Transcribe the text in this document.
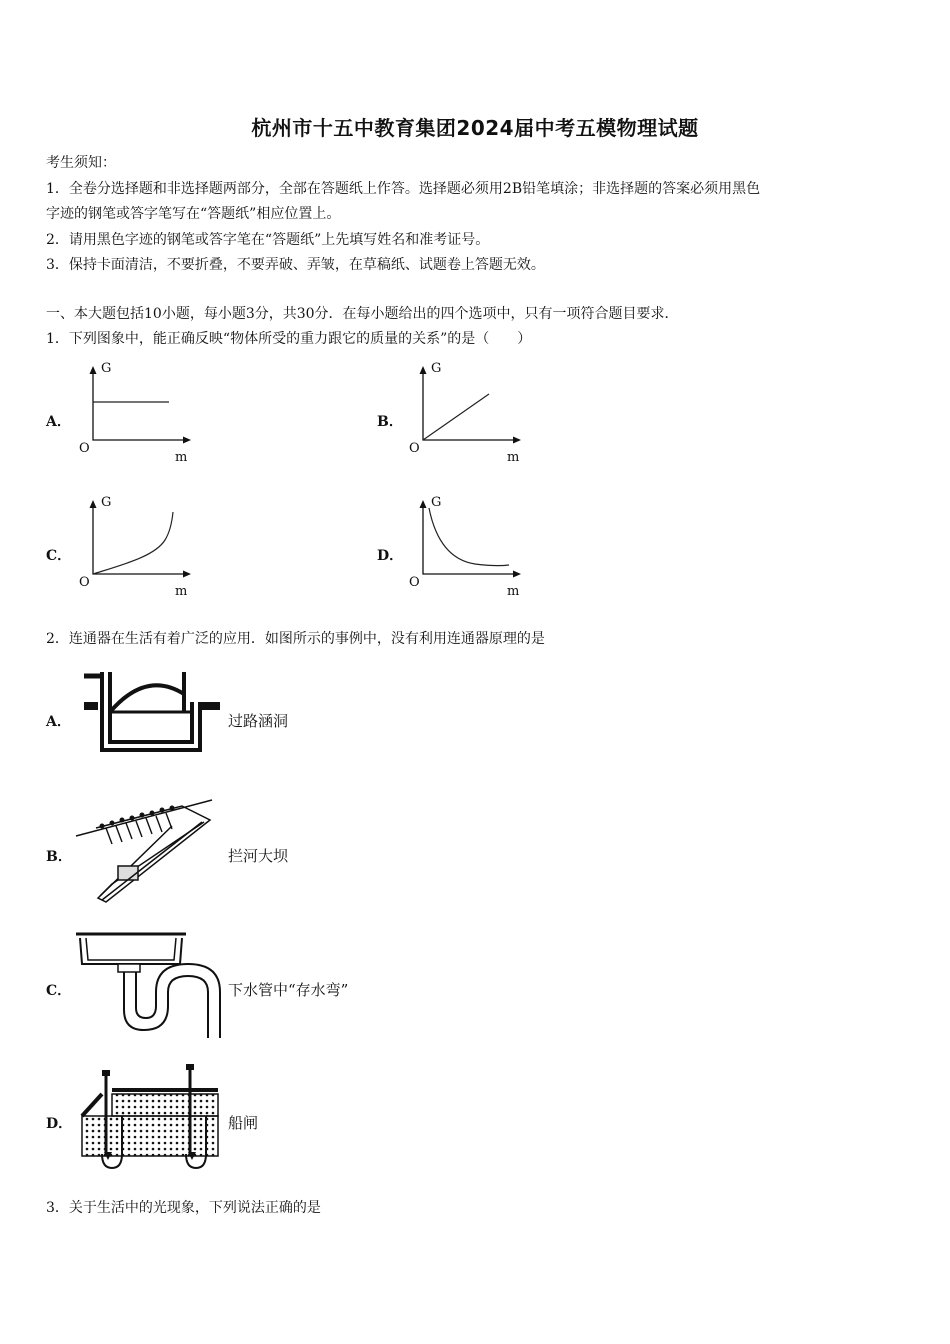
杭州市十五中教育集团2024届中考五模物理试题
考生须知：
1．全卷分选择题和非选择题两部分，全部在答题纸上作答。选择题必须用2B铅笔填涂；非选择题的答案必须用黑色
字迹的钢笔或答字笔写在“答题纸”相应位置上。
2．请用黑色字迹的钢笔或答字笔在“答题纸”上先填写姓名和准考证号。
3．保持卡面清洁，不要折叠，不要弄破、弄皱，在草稿纸、试题卷上答题无效。
一、本大题包括10小题，每小题3分，共30分．在每小题给出的四个选项中，只有一项符合题目要求．
1．下列图象中，能正确反映“物体所受的重力跟它的质量的关系”的是（　　）
A．
G
O
m
B．
G
O
m
C．
G
O
m
D．
G
O
m
2．连通器在生活有着广泛的应用．如图所示的事例中，没有利用连通器原理的是
A．	过路涵洞
B．	拦河大坝
C．	下水管中“存水弯”
D．	船闸
3．关于生活中的光现象，下列说法正确的是
